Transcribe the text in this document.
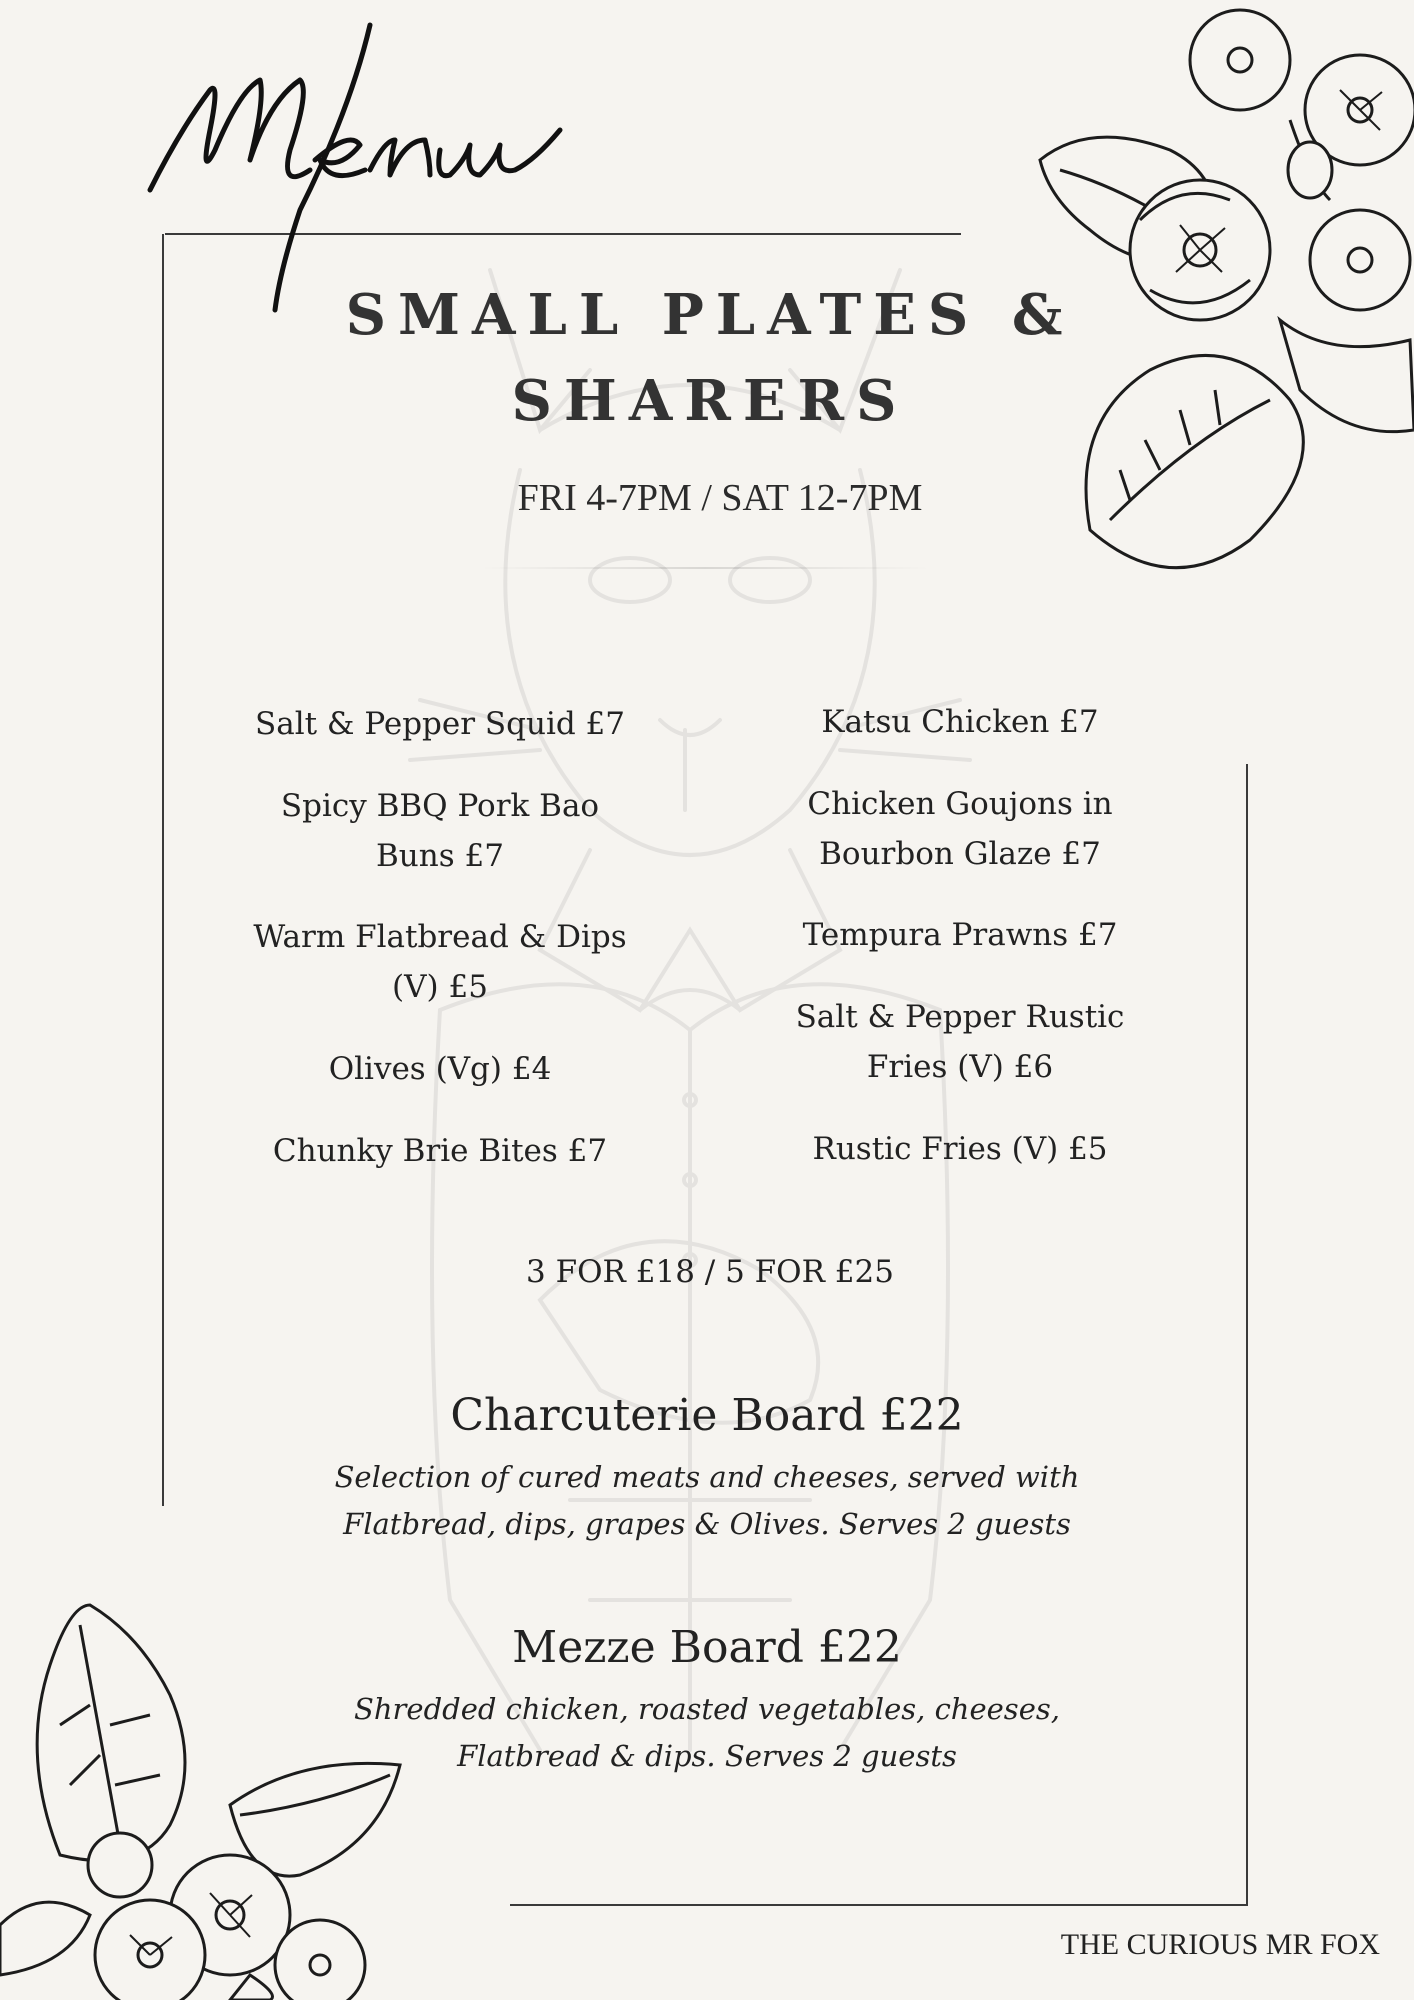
SMALL PLATES &
SHARERS
FRI 4-7PM / SAT 12-7PM
Salt & Pepper Squid £7
Spicy BBQ Pork Bao
Buns £7
Warm Flatbread & Dips
(V) £5
Olives (Vg) £4
Chunky Brie Bites £7
Katsu Chicken £7
Chicken Goujons in
Bourbon Glaze £7
Tempura Prawns £7
Salt & Pepper Rustic
Fries (V) £6
Rustic Fries (V) £5
3 FOR £18 / 5 FOR £25
Charcuterie Board £22
Selection of cured meats and cheeses, served with
Flatbread, dips, grapes & Olives. Serves 2 guests
Mezze Board £22
Shredded chicken, roasted vegetables, cheeses,
Flatbread & dips. Serves 2 guests
THE CURIOUS MR FOX
